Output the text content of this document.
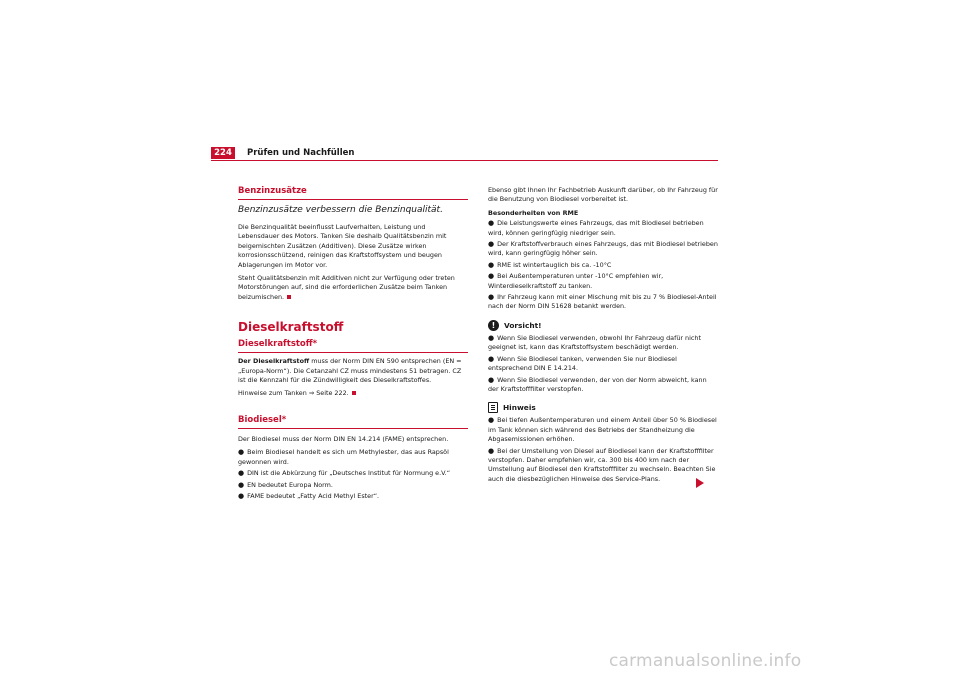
224	Prüfen und Nachfüllen
Benzinzusätze
Benzinzusätze verbessern die Benzinqualität.
Die Benzinqualität beeinflusst Laufverhalten, Leistung und Lebensdauer des Motors. Tanken Sie deshalb Qualitätsbenzin mit beigemischten Zusätzen (Additiven). Diese Zusätze wirken korrosionsschützend, reinigen das Kraftstoffsystem und beugen Ablagerungen im Motor vor.
Steht Qualitätsbenzin mit Additiven nicht zur Verfügung oder treten Motorstörungen auf, sind die erforderlichen Zusätze beim Tanken beizumischen.
Dieselkraftstoff
Dieselkraftstoff*
Der Dieselkraftstoff muss der Norm DIN EN 590 entsprechen (EN = „Europa-Norm“). Die Cetanzahl CZ muss mindestens 51 betragen. CZ ist die Kennzahl für die Zündwilligkeit des Dieselkraftstoffes.
Hinweise zum Tanken ⇒ Seite 222.
Biodiesel*
Der Biodiesel muss der Norm DIN EN 14.214 (FAME) entsprechen.
● Beim Biodiesel handelt es sich um Methylester, das aus Rapsöl gewonnen wird.
● DIN ist die Abkürzung für „Deutsches Institut für Normung e.V.“
● EN bedeutet Europa Norm.
● FAME bedeutet „Fatty Acid Methyl Ester“.
Ebenso gibt Ihnen Ihr Fachbetrieb Auskunft darüber, ob Ihr Fahrzeug für die Benutzung von Biodiesel vorbereitet ist.
Besonderheiten von RME
● Die Leistungswerte eines Fahrzeugs, das mit Biodiesel betrieben wird, können geringfügig niedriger sein.
● Der Kraftstoffverbrauch eines Fahrzeugs, das mit Biodiesel betrieben wird, kann geringfügig höher sein.
● RME ist wintertauglich bis ca. -10°C
● Bei Außentemperaturen unter -10°C empfehlen wir, Winterdieselkraftstoff zu tanken.
● Ihr Fahrzeug kann mit einer Mischung mit bis zu 7 % Biodiesel-Anteil nach der Norm DIN 51628 betankt werden.
!	Vorsicht!
● Wenn Sie Biodiesel verwenden, obwohl Ihr Fahrzeug dafür nicht geeignet ist, kann das Kraftstoffsystem beschädigt werden.
● Wenn Sie Biodiesel tanken, verwenden Sie nur Biodiesel entsprechend DIN E 14.214.
● Wenn Sie Biodiesel verwenden, der von der Norm abweicht, kann der Kraftstofffilter verstopfen.
Hinweis
● Bei tiefen Außentemperaturen und einem Anteil über 50 % Biodiesel im Tank können sich während des Betriebs der Standheizung die Abgasemissionen erhöhen.
● Bei der Umstellung von Diesel auf Biodiesel kann der Kraftstofffilter verstopfen. Daher empfehlen wir, ca. 300 bis 400 km nach der Umstellung auf Biodiesel den Kraftstofffilter zu wechseln. Beachten Sie auch die diesbezüglichen Hinweise des Service-Plans.
carmanualsonline.info
